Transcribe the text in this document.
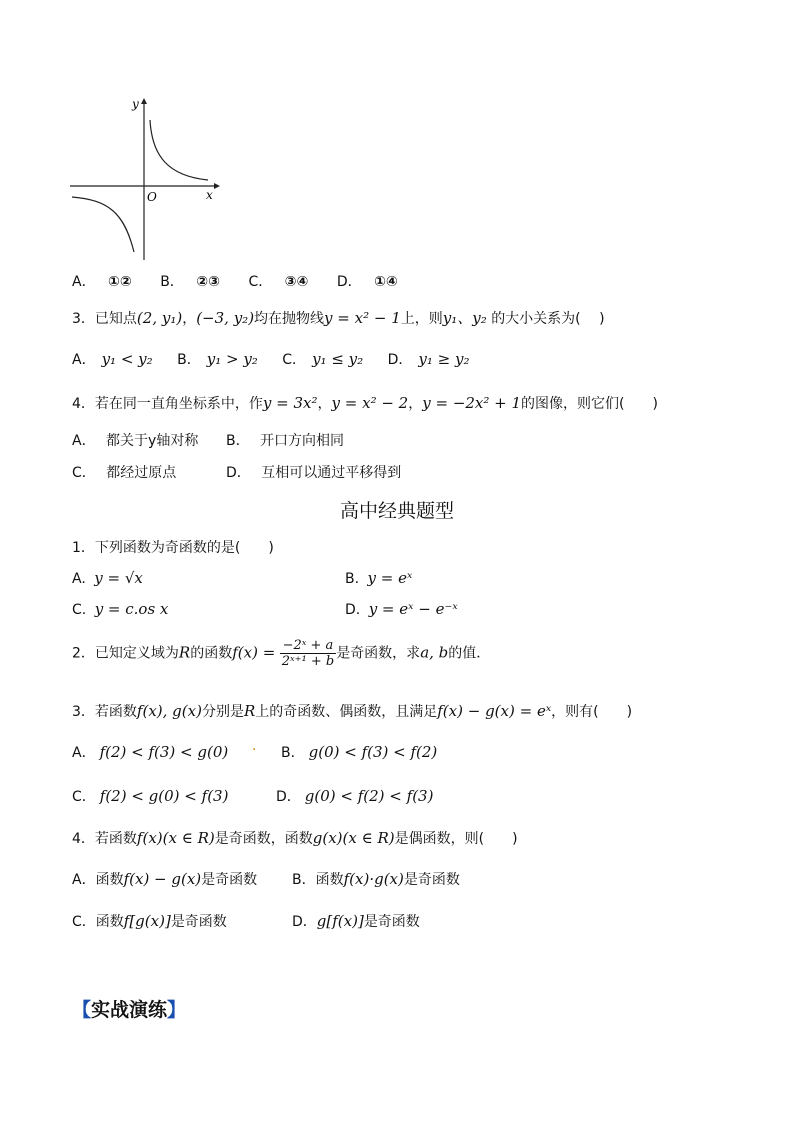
y
x
O
A． ①② B． ②③ C． ③④ D． ①④
3．已知点(2, y₁)，(−3, y₂)均在抛物线y = x² − 1上，则y₁、y₂ 的大小关系为(　 )
A． y₁ < y₂ B． y₁ > y₂ C． y₁ ≤ y₂ D． y₁ ≥ y₂
4．若在同一直角坐标系中，作y = 3x²，y = x² − 2，y = −2x² + 1的图像，则它们(　　)
A． 都关于y轴对称 B． 开口方向相同
C． 都经过原点	D． 互相可以通过平移得到
高中经典题型
1．下列函数为奇函数的是(　　)
A. y = √x	B. y = eˣ
C. y = c.os x	D. y = eˣ − e⁻ˣ
2．已知定义域为R的函数$f(x) = \frac{\text{−2ˣ + a}}{\text{2ˣ⁺¹ + b}}$ 是奇函数，求a, b的值．
3．若函数f(x), g(x)分别是R上的奇函数、偶函数，且满足f(x) − g(x) = eˣ，则有(　　)
A． f(2) < f(3) < g(0) · B． g(0) < f(3) < f(2)
C． f(2) < g(0) < f(3)	D． g(0) < f(2) < f(3)
4．若函数f(x)(x ∈ R)是奇函数，函数g(x)(x ∈ R)是偶函数，则(　　)
A．函数f(x) − g(x)是奇函数 B．函数f(x)·g(x)是奇函数
C．函数f[g(x)]是奇函数	D．g[f(x)]是奇函数
【实战演练】
